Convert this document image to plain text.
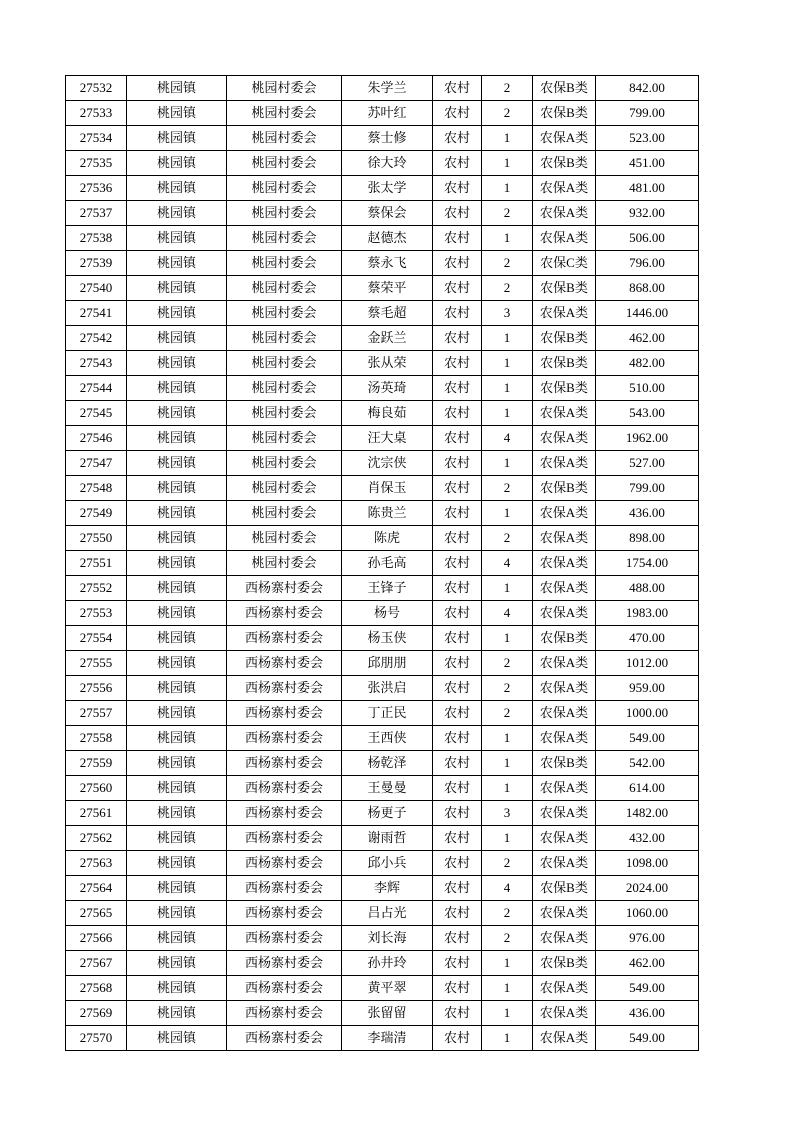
27532	桃园镇	桃园村委会	朱学兰	农村	2	农保B类	842.00
27533	桃园镇	桃园村委会	苏叶红	农村	2	农保B类	799.00
27534	桃园镇	桃园村委会	蔡士修	农村	1	农保A类	523.00
27535	桃园镇	桃园村委会	徐大玲	农村	1	农保B类	451.00
27536	桃园镇	桃园村委会	张太学	农村	1	农保A类	481.00
27537	桃园镇	桃园村委会	蔡保会	农村	2	农保A类	932.00
27538	桃园镇	桃园村委会	赵德杰	农村	1	农保A类	506.00
27539	桃园镇	桃园村委会	蔡永飞	农村	2	农保C类	796.00
27540	桃园镇	桃园村委会	蔡荣平	农村	2	农保B类	868.00
27541	桃园镇	桃园村委会	蔡毛超	农村	3	农保A类	1446.00
27542	桃园镇	桃园村委会	金跃兰	农村	1	农保B类	462.00
27543	桃园镇	桃园村委会	张从荣	农村	1	农保B类	482.00
27544	桃园镇	桃园村委会	汤英琦	农村	1	农保B类	510.00
27545	桃园镇	桃园村委会	梅良茹	农村	1	农保A类	543.00
27546	桃园镇	桃园村委会	汪大桌	农村	4	农保A类	1962.00
27547	桃园镇	桃园村委会	沈宗侠	农村	1	农保A类	527.00
27548	桃园镇	桃园村委会	肖保玉	农村	2	农保B类	799.00
27549	桃园镇	桃园村委会	陈贵兰	农村	1	农保A类	436.00
27550	桃园镇	桃园村委会	陈虎	农村	2	农保A类	898.00
27551	桃园镇	桃园村委会	孙毛高	农村	4	农保A类	1754.00
27552	桃园镇	西杨寨村委会	王锋子	农村	1	农保A类	488.00
27553	桃园镇	西杨寨村委会	杨号	农村	4	农保A类	1983.00
27554	桃园镇	西杨寨村委会	杨玉侠	农村	1	农保B类	470.00
27555	桃园镇	西杨寨村委会	邱朋朋	农村	2	农保A类	1012.00
27556	桃园镇	西杨寨村委会	张洪启	农村	2	农保A类	959.00
27557	桃园镇	西杨寨村委会	丁正民	农村	2	农保A类	1000.00
27558	桃园镇	西杨寨村委会	王西侠	农村	1	农保A类	549.00
27559	桃园镇	西杨寨村委会	杨乾泽	农村	1	农保B类	542.00
27560	桃园镇	西杨寨村委会	王曼曼	农村	1	农保A类	614.00
27561	桃园镇	西杨寨村委会	杨更子	农村	3	农保A类	1482.00
27562	桃园镇	西杨寨村委会	谢雨哲	农村	1	农保A类	432.00
27563	桃园镇	西杨寨村委会	邱小兵	农村	2	农保A类	1098.00
27564	桃园镇	西杨寨村委会	李辉	农村	4	农保B类	2024.00
27565	桃园镇	西杨寨村委会	吕占光	农村	2	农保A类	1060.00
27566	桃园镇	西杨寨村委会	刘长海	农村	2	农保A类	976.00
27567	桃园镇	西杨寨村委会	孙井玲	农村	1	农保B类	462.00
27568	桃园镇	西杨寨村委会	黄平翠	农村	1	农保A类	549.00
27569	桃园镇	西杨寨村委会	张留留	农村	1	农保A类	436.00
27570	桃园镇	西杨寨村委会	李瑞清	农村	1	农保A类	549.00
